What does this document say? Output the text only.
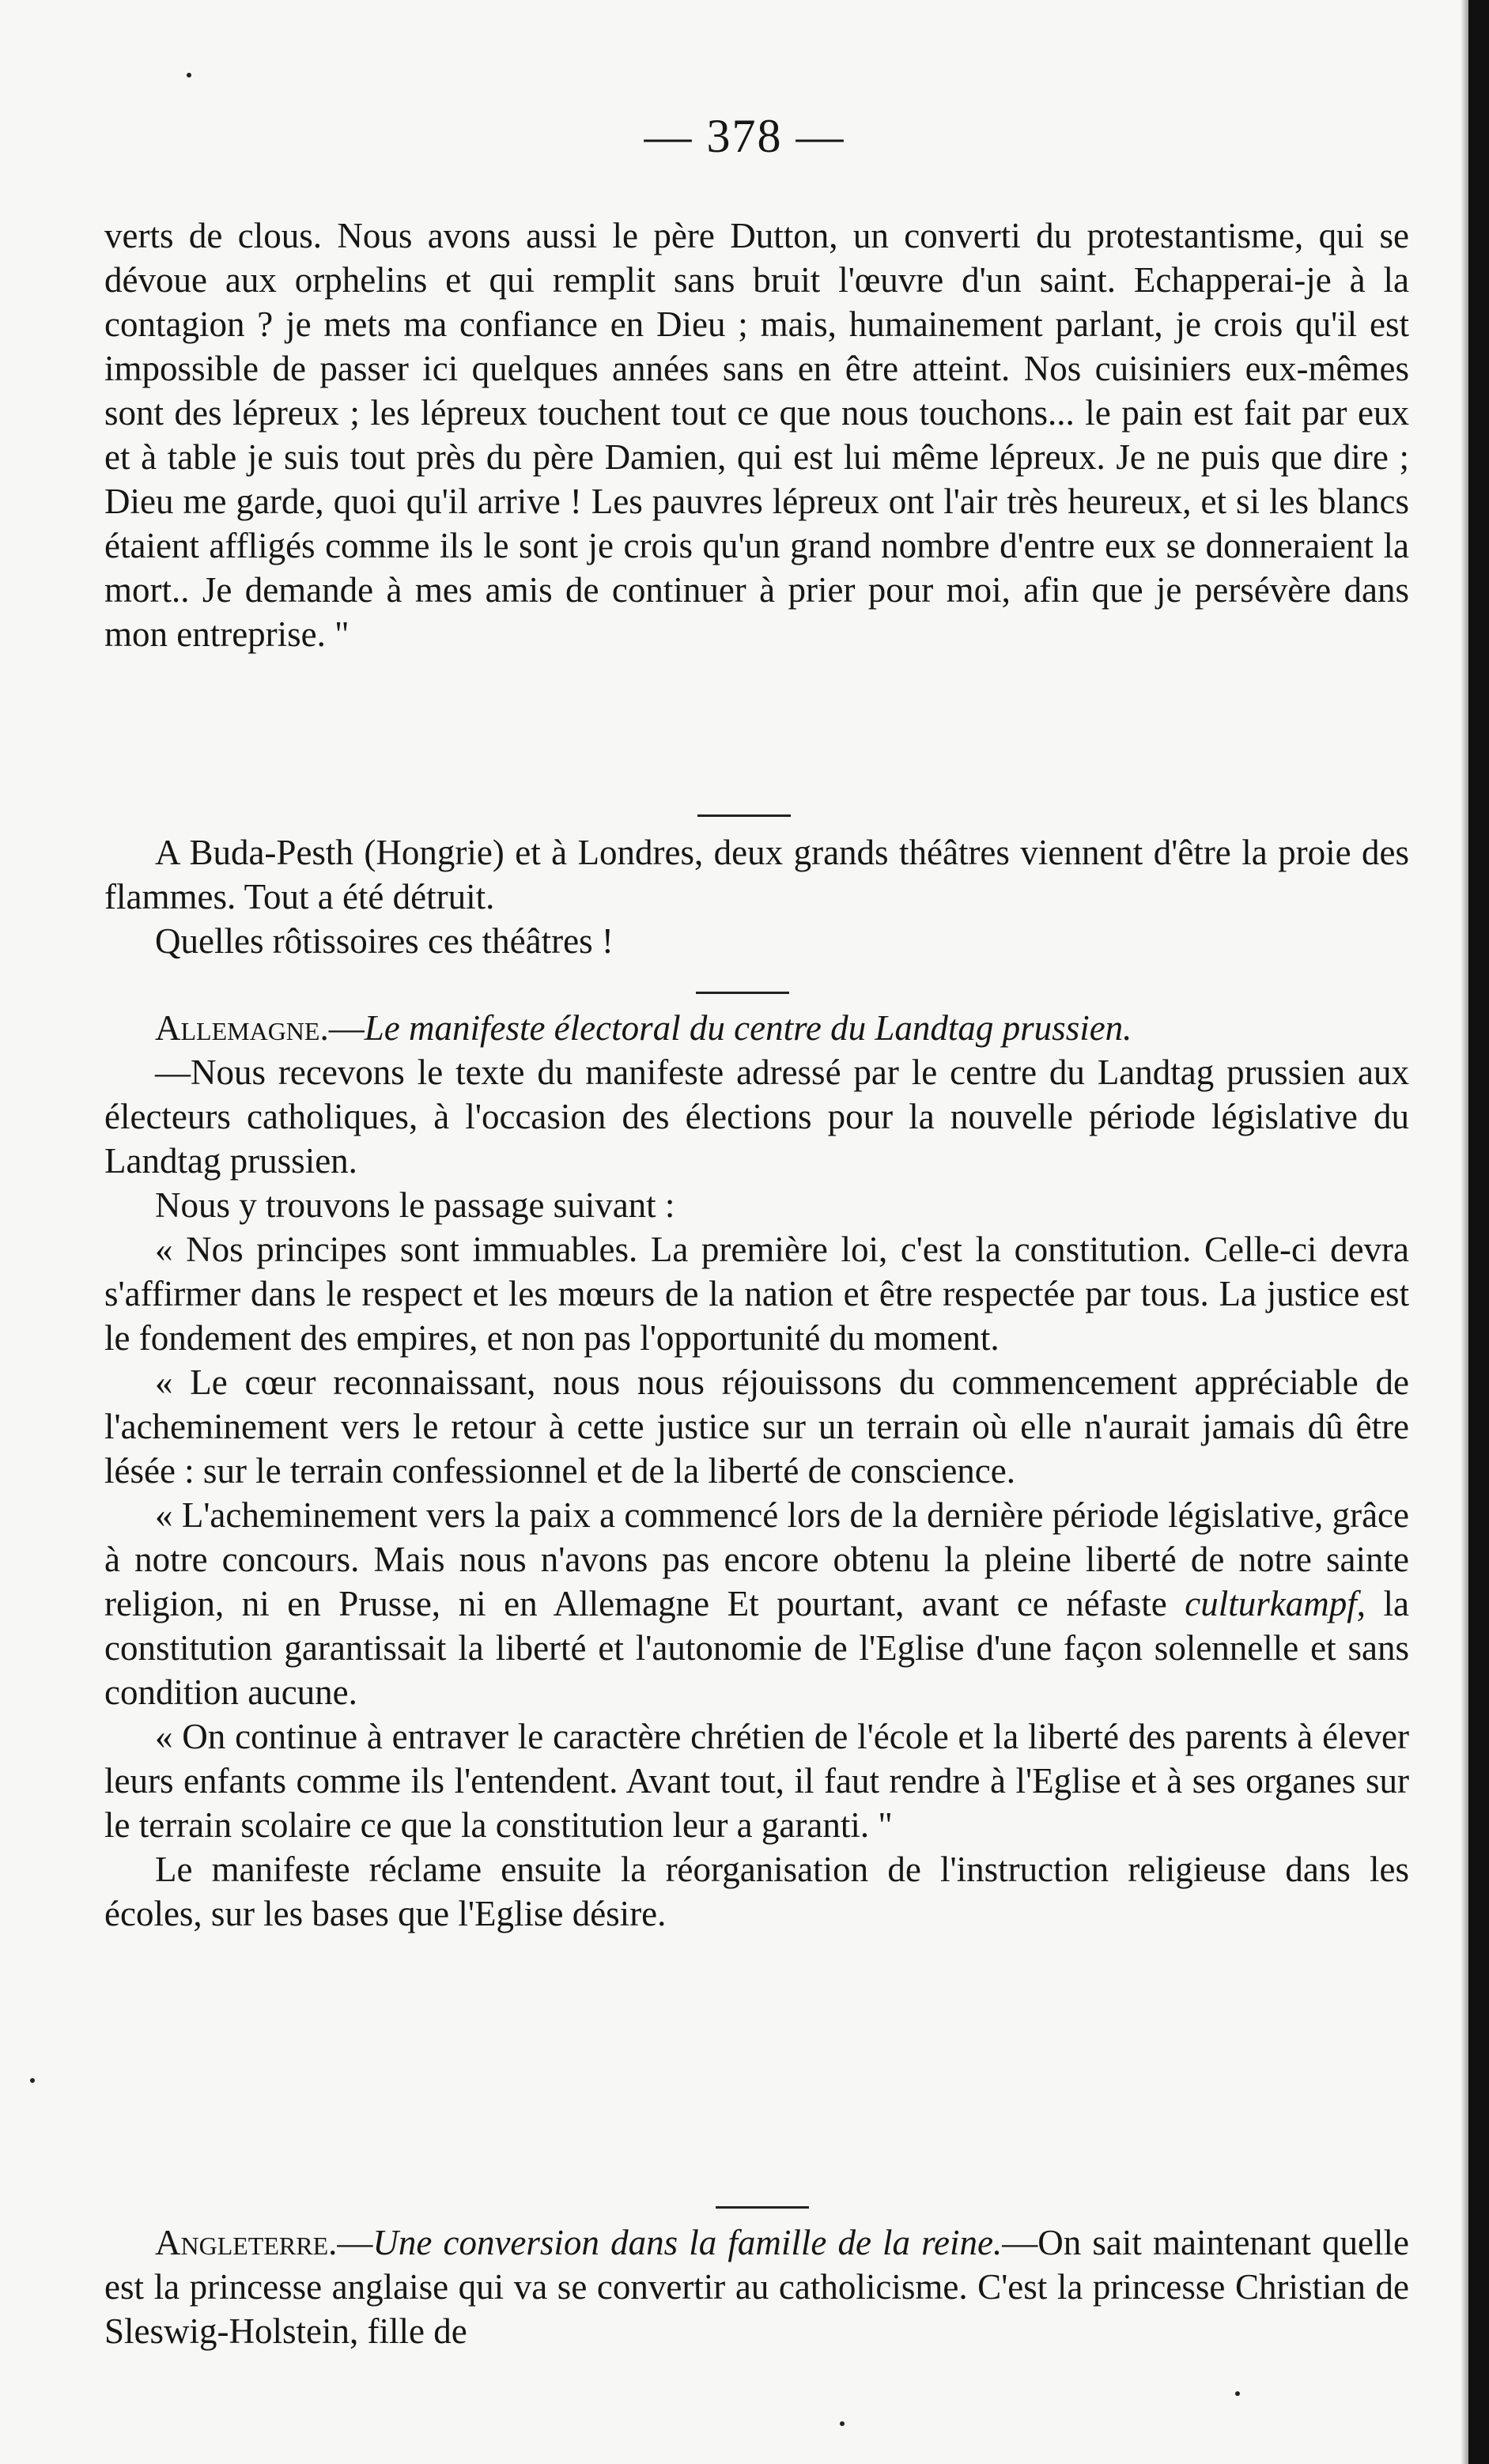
— 378 —

verts de clous. Nous avons aussi le père Dutton, un converti du protestantisme, qui se dévoue aux orphelins et qui remplit sans bruit l'œuvre d'un saint. Echapperai-je à la contagion ? je mets ma confiance en Dieu ; mais, humainement parlant, je crois qu'il est impossible de passer ici quelques années sans en être atteint. Nos cuisiniers eux-mêmes sont des lépreux ; les lépreux touchent tout ce que nous touchons... le pain est fait par eux et à table je suis tout près du père Damien, qui est lui même lépreux. Je ne puis que dire ; Dieu me garde, quoi qu'il arrive ! Les pauvres lépreux ont l'air très heureux, et si les blancs étaient affligés comme ils le sont je crois qu'un grand nombre d'entre eux se donneraient la mort.. Je demande à mes amis de continuer à prier pour moi, afin que je persévère dans mon entreprise. "

A Buda-Pesth (Hongrie) et à Londres, deux grands théâtres viennent d'être la proie des flammes. Tout a été détruit.

Quelles rôtissoires ces théâtres !

Allemagne.—Le manifeste électoral du centre du Landtag prussien.

—Nous recevons le texte du manifeste adressé par le centre du Landtag prussien aux électeurs catholiques, à l'occasion des élections pour la nouvelle période législative du Landtag prussien.

Nous y trouvons le passage suivant :

« Nos principes sont immuables. La première loi, c'est la constitution. Celle-ci devra s'affirmer dans le respect et les mœurs de la nation et être respectée par tous. La justice est le fondement des empires, et non pas l'opportunité du moment.

« Le cœur reconnaissant, nous nous réjouissons du commencement appréciable de l'acheminement vers le retour à cette justice sur un terrain où elle n'aurait jamais dû être lésée : sur le terrain confessionnel et de la liberté de conscience.

« L'acheminement vers la paix a commencé lors de la dernière période législative, grâce à notre concours. Mais nous n'avons pas encore obtenu la pleine liberté de notre sainte religion, ni en Prusse, ni en Allemagne Et pourtant, avant ce néfaste culturkampf, la constitution garantissait la liberté et l'autonomie de l'Eglise d'une façon solennelle et sans condition aucune.

« On continue à entraver le caractère chrétien de l'école et la liberté des parents à élever leurs enfants comme ils l'entendent. Avant tout, il faut rendre à l'Eglise et à ses organes sur le terrain scolaire ce que la constitution leur a garanti. "

Le manifeste réclame ensuite la réorganisation de l'instruction religieuse dans les écoles, sur les bases que l'Eglise désire.

Angleterre.—Une conversion dans la famille de la reine.—On sait maintenant quelle est la princesse anglaise qui va se convertir au catholicisme. C'est la princesse Christian de Sleswig-Holstein, fille de
